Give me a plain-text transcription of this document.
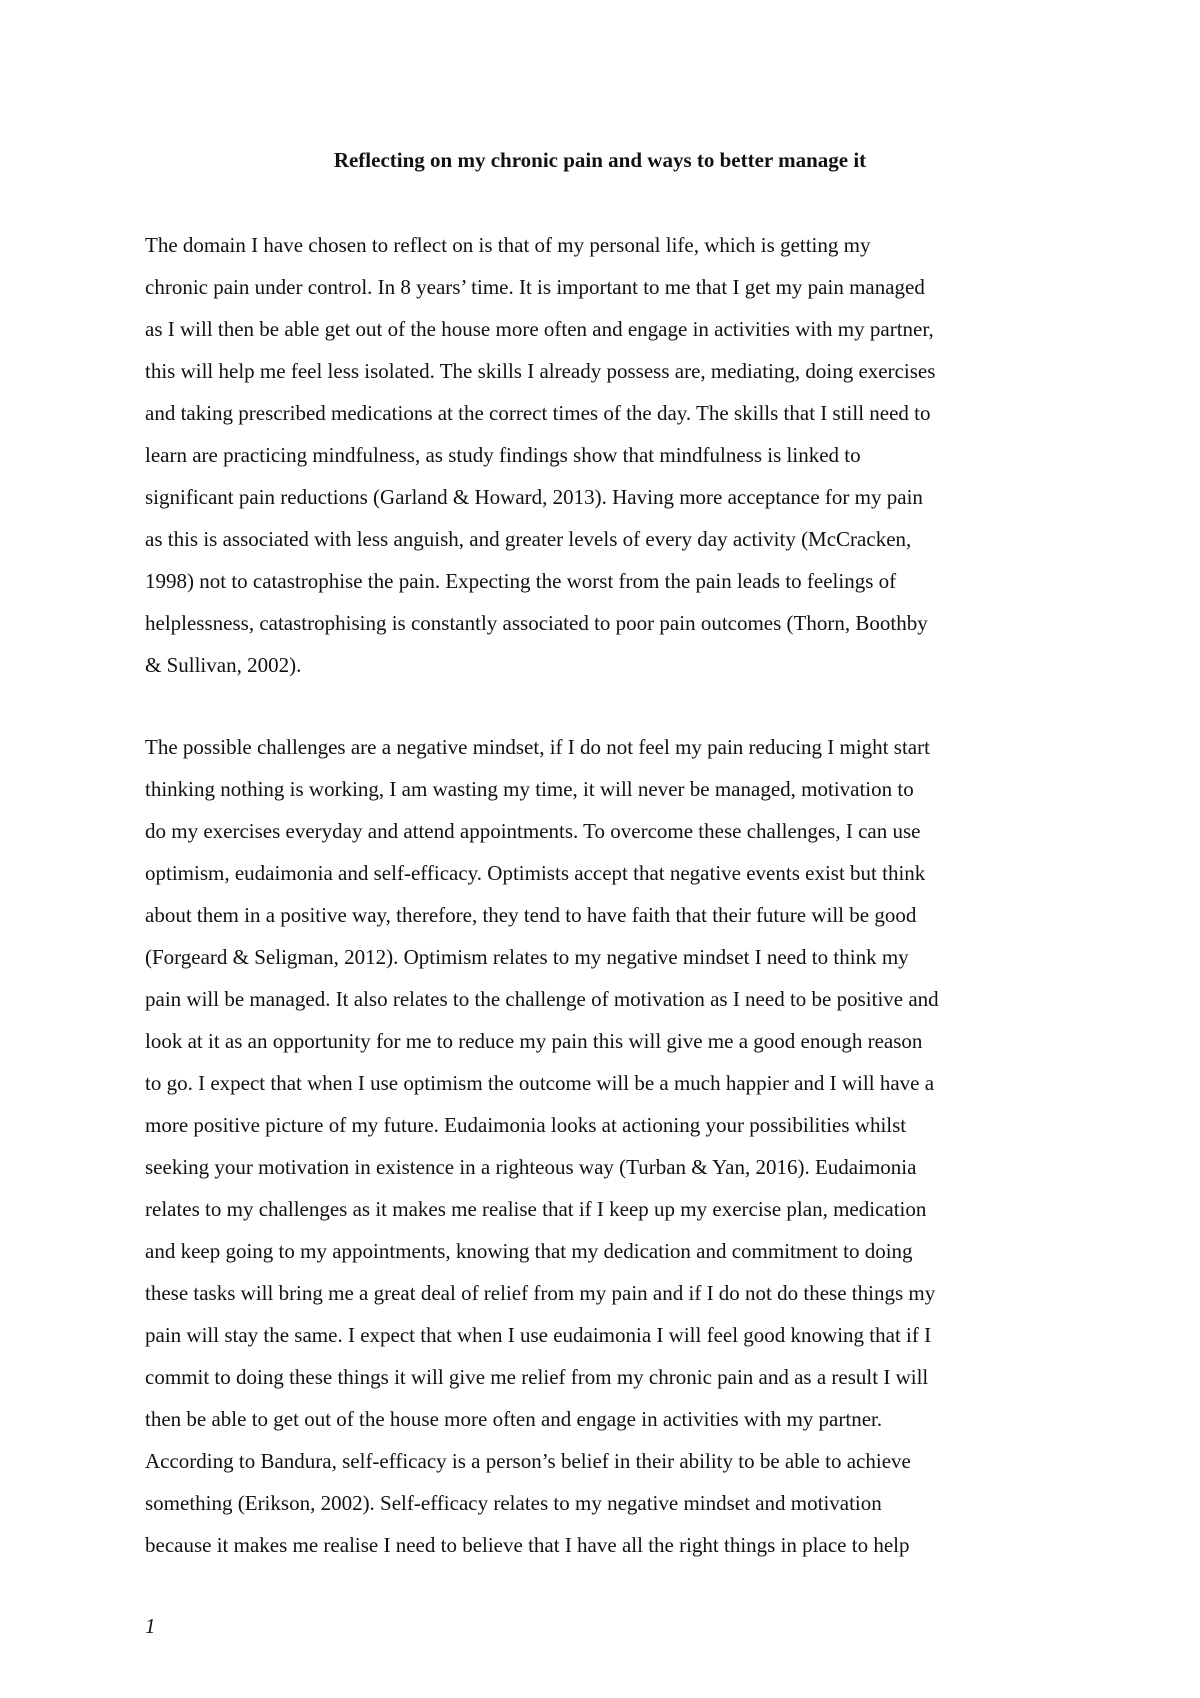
Reflecting on my chronic pain and ways to better manage it

The domain I have chosen to reflect on is that of my personal life, which is getting my
chronic pain under control. In 8 years’ time. It is important to me that I get my pain managed
as I will then be able get out of the house more often and engage in activities with my partner,
this will help me feel less isolated. The skills I already possess are, mediating, doing exercises
and taking prescribed medications at the correct times of the day. The skills that I still need to
learn are practicing mindfulness, as study findings show that mindfulness is linked to
significant pain reductions (Garland & Howard, 2013). Having more acceptance for my pain
as this is associated with less anguish, and greater levels of every day activity (McCracken,
1998) not to catastrophise the pain. Expecting the worst from the pain leads to feelings of
helplessness, catastrophising is constantly associated to poor pain outcomes (Thorn, Boothby
& Sullivan, 2002).

The possible challenges are a negative mindset, if I do not feel my pain reducing I might start
thinking nothing is working, I am wasting my time, it will never be managed, motivation to
do my exercises everyday and attend appointments. To overcome these challenges, I can use
optimism, eudaimonia and self-efficacy. Optimists accept that negative events exist but think
about them in a positive way, therefore, they tend to have faith that their future will be good
(Forgeard & Seligman, 2012). Optimism relates to my negative mindset I need to think my
pain will be managed. It also relates to the challenge of motivation as I need to be positive and
look at it as an opportunity for me to reduce my pain this will give me a good enough reason
to go. I expect that when I use optimism the outcome will be a much happier and I will have a
more positive picture of my future. Eudaimonia looks at actioning your possibilities whilst
seeking your motivation in existence in a righteous way (Turban & Yan, 2016). Eudaimonia
relates to my challenges as it makes me realise that if I keep up my exercise plan, medication
and keep going to my appointments, knowing that my dedication and commitment to doing
these tasks will bring me a great deal of relief from my pain and if I do not do these things my
pain will stay the same. I expect that when I use eudaimonia I will feel good knowing that if I
commit to doing these things it will give me relief from my chronic pain and as a result I will
then be able to get out of the house more often and engage in activities with my partner.
According to Bandura, self-efficacy is a person’s belief in their ability to be able to achieve
something (Erikson, 2002). Self-efficacy relates to my negative mindset and motivation
because it makes me realise I need to believe that I have all the right things in place to help

1
